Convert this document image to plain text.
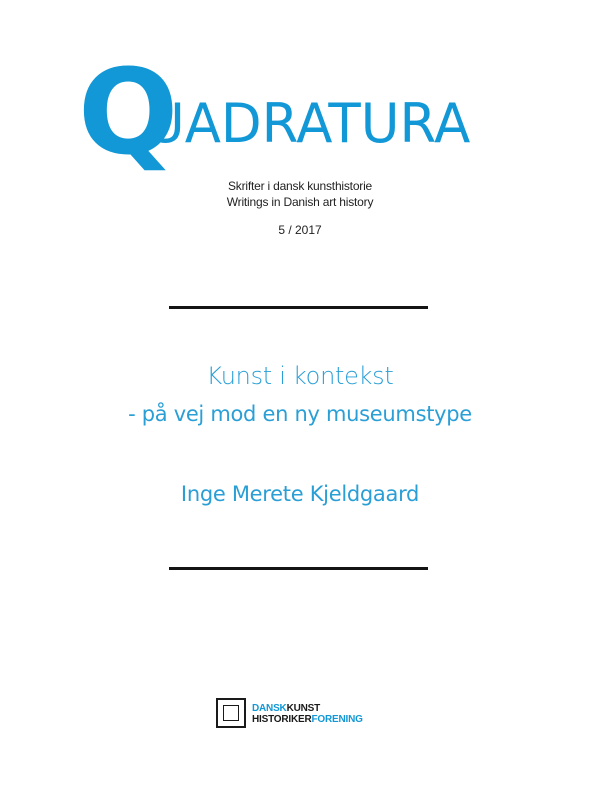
Q
UADRATURA
Skrifter i dansk kunsthistorie
Writings in Danish art history
5 / 2017
Kunst i kontekst
- på vej mod en ny museumstype
Inge Merete Kjeldgaard
DANSKKUNST
HISTORIKERFORENING
